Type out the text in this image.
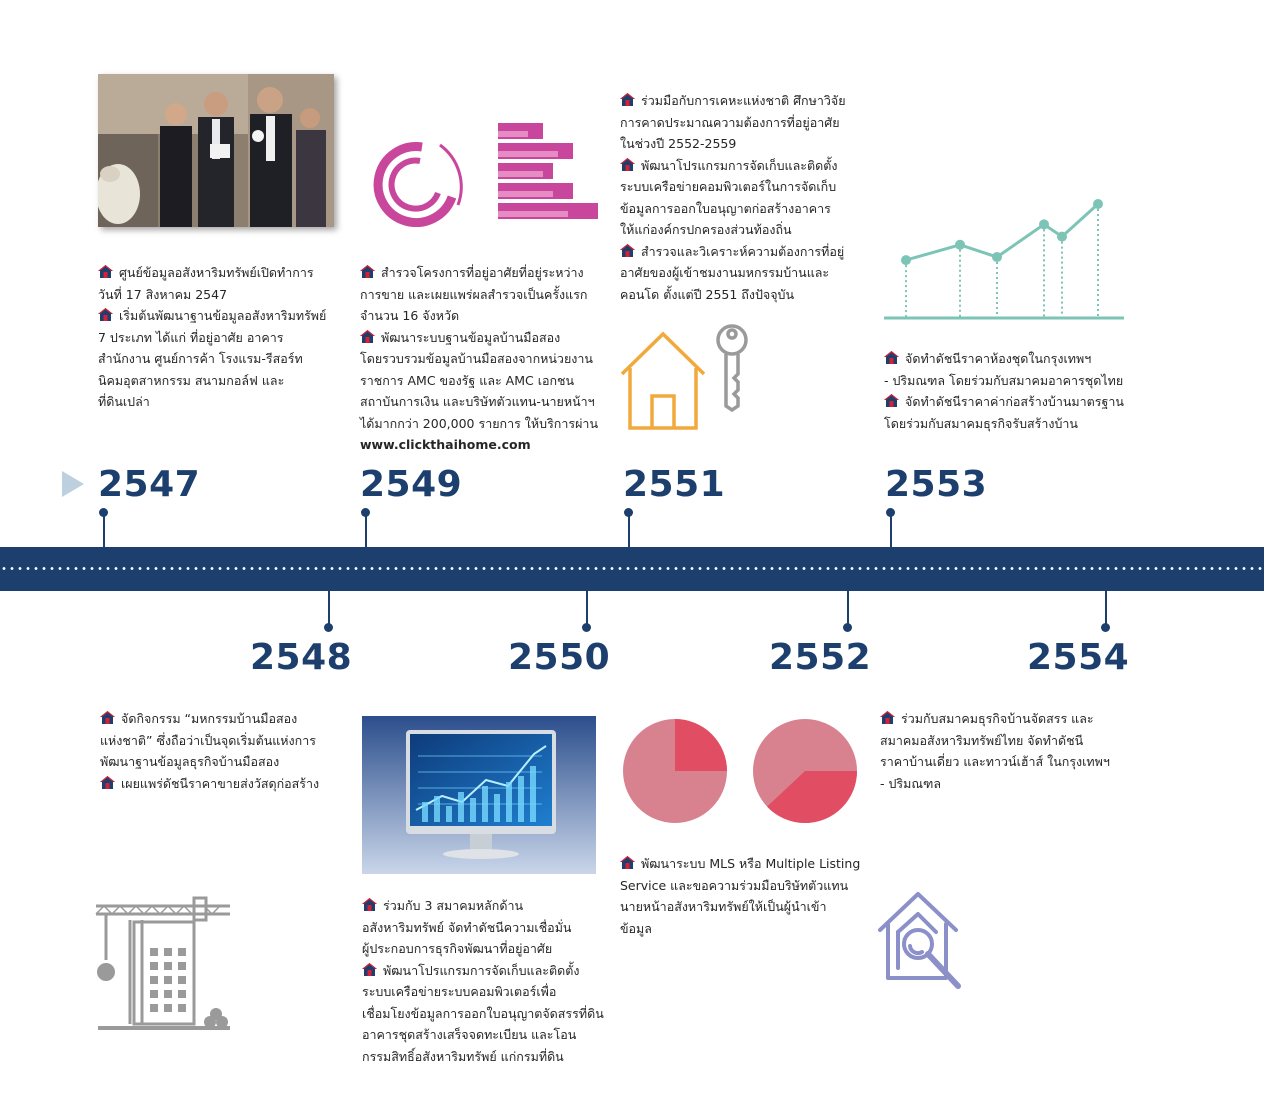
2547	2549	2551	2553
2548	2550	2552	2554
ศูนย์ข้อมูลอสังหาริมทรัพย์เปิดทำการ
วันที่ 17 สิงหาคม 2547
เริ่มต้นพัฒนาฐานข้อมูลอสังหาริมทรัพย์
7 ประเภท ได้แก่ ที่อยู่อาศัย อาคาร
สำนักงาน ศูนย์การค้า โรงแรม-รีสอร์ท
นิคมอุตสาหกรรม สนามกอล์ฟ และ
ที่ดินเปล่า
สำรวจโครงการที่อยู่อาศัยที่อยู่ระหว่าง
การขาย และเผยแพร่ผลสำรวจเป็นครั้งแรก
จำนวน 16 จังหวัด
พัฒนาระบบฐานข้อมูลบ้านมือสอง
โดยรวบรวมข้อมูลบ้านมือสองจากหน่วยงาน
ราชการ AMC ของรัฐ และ AMC เอกชน
สถาบันการเงิน และบริษัทตัวแทน-นายหน้าฯ
ได้มากกว่า 200,000 รายการ ให้บริการผ่าน
www.clickthaihome.com
ร่วมมือกับการเคหะแห่งชาติ ศึกษาวิจัย
การคาดประมาณความต้องการที่อยู่อาศัย
ในช่วงปี 2552-2559
พัฒนาโปรแกรมการจัดเก็บและติดตั้ง
ระบบเครือข่ายคอมพิวเตอร์ในการจัดเก็บ
ข้อมูลการออกใบอนุญาตก่อสร้างอาคาร
ให้แก่องค์กรปกครองส่วนท้องถิ่น
สำรวจและวิเคราะห์ความต้องการที่อยู่
อาศัยของผู้เข้าชมงานมหกรรมบ้านและ
คอนโด ตั้งแต่ปี 2551 ถึงปัจจุบัน
จัดทำดัชนีราคาห้องชุดในกรุงเทพฯ
- ปริมณฑล โดยร่วมกับสมาคมอาคารชุดไทย
จัดทำดัชนีราคาค่าก่อสร้างบ้านมาตรฐาน
โดยร่วมกับสมาคมธุรกิจรับสร้างบ้าน
จัดกิจกรรม “มหกรรมบ้านมือสอง
แห่งชาติ” ซึ่งถือว่าเป็นจุดเริ่มต้นแห่งการ
พัฒนาฐานข้อมูลธุรกิจบ้านมือสอง
เผยแพร่ดัชนีราคาขายส่งวัสดุก่อสร้าง
ร่วมกับ 3 สมาคมหลักด้าน
อสังหาริมทรัพย์ จัดทำดัชนีความเชื่อมั่น
ผู้ประกอบการธุรกิจพัฒนาที่อยู่อาศัย
พัฒนาโปรแกรมการจัดเก็บและติดตั้ง
ระบบเครือข่ายระบบคอมพิวเตอร์เพื่อ
เชื่อมโยงข้อมูลการออกใบอนุญาตจัดสรรที่ดิน
อาคารชุดสร้างเสร็จจดทะเบียน และโอน
กรรมสิทธิ์อสังหาริมทรัพย์ แก่กรมที่ดิน
พัฒนาระบบ MLS หรือ Multiple Listing
Service และขอความร่วมมือบริษัทตัวแทน
นายหน้าอสังหาริมทรัพย์ให้เป็นผู้นำเข้า
ข้อมูล
ร่วมกับสมาคมธุรกิจบ้านจัดสรร และ
สมาคมอสังหาริมทรัพย์ไทย จัดทำดัชนี
ราคาบ้านเดี่ยว และทาวน์เฮ้าส์ ในกรุงเทพฯ
- ปริมณฑล
